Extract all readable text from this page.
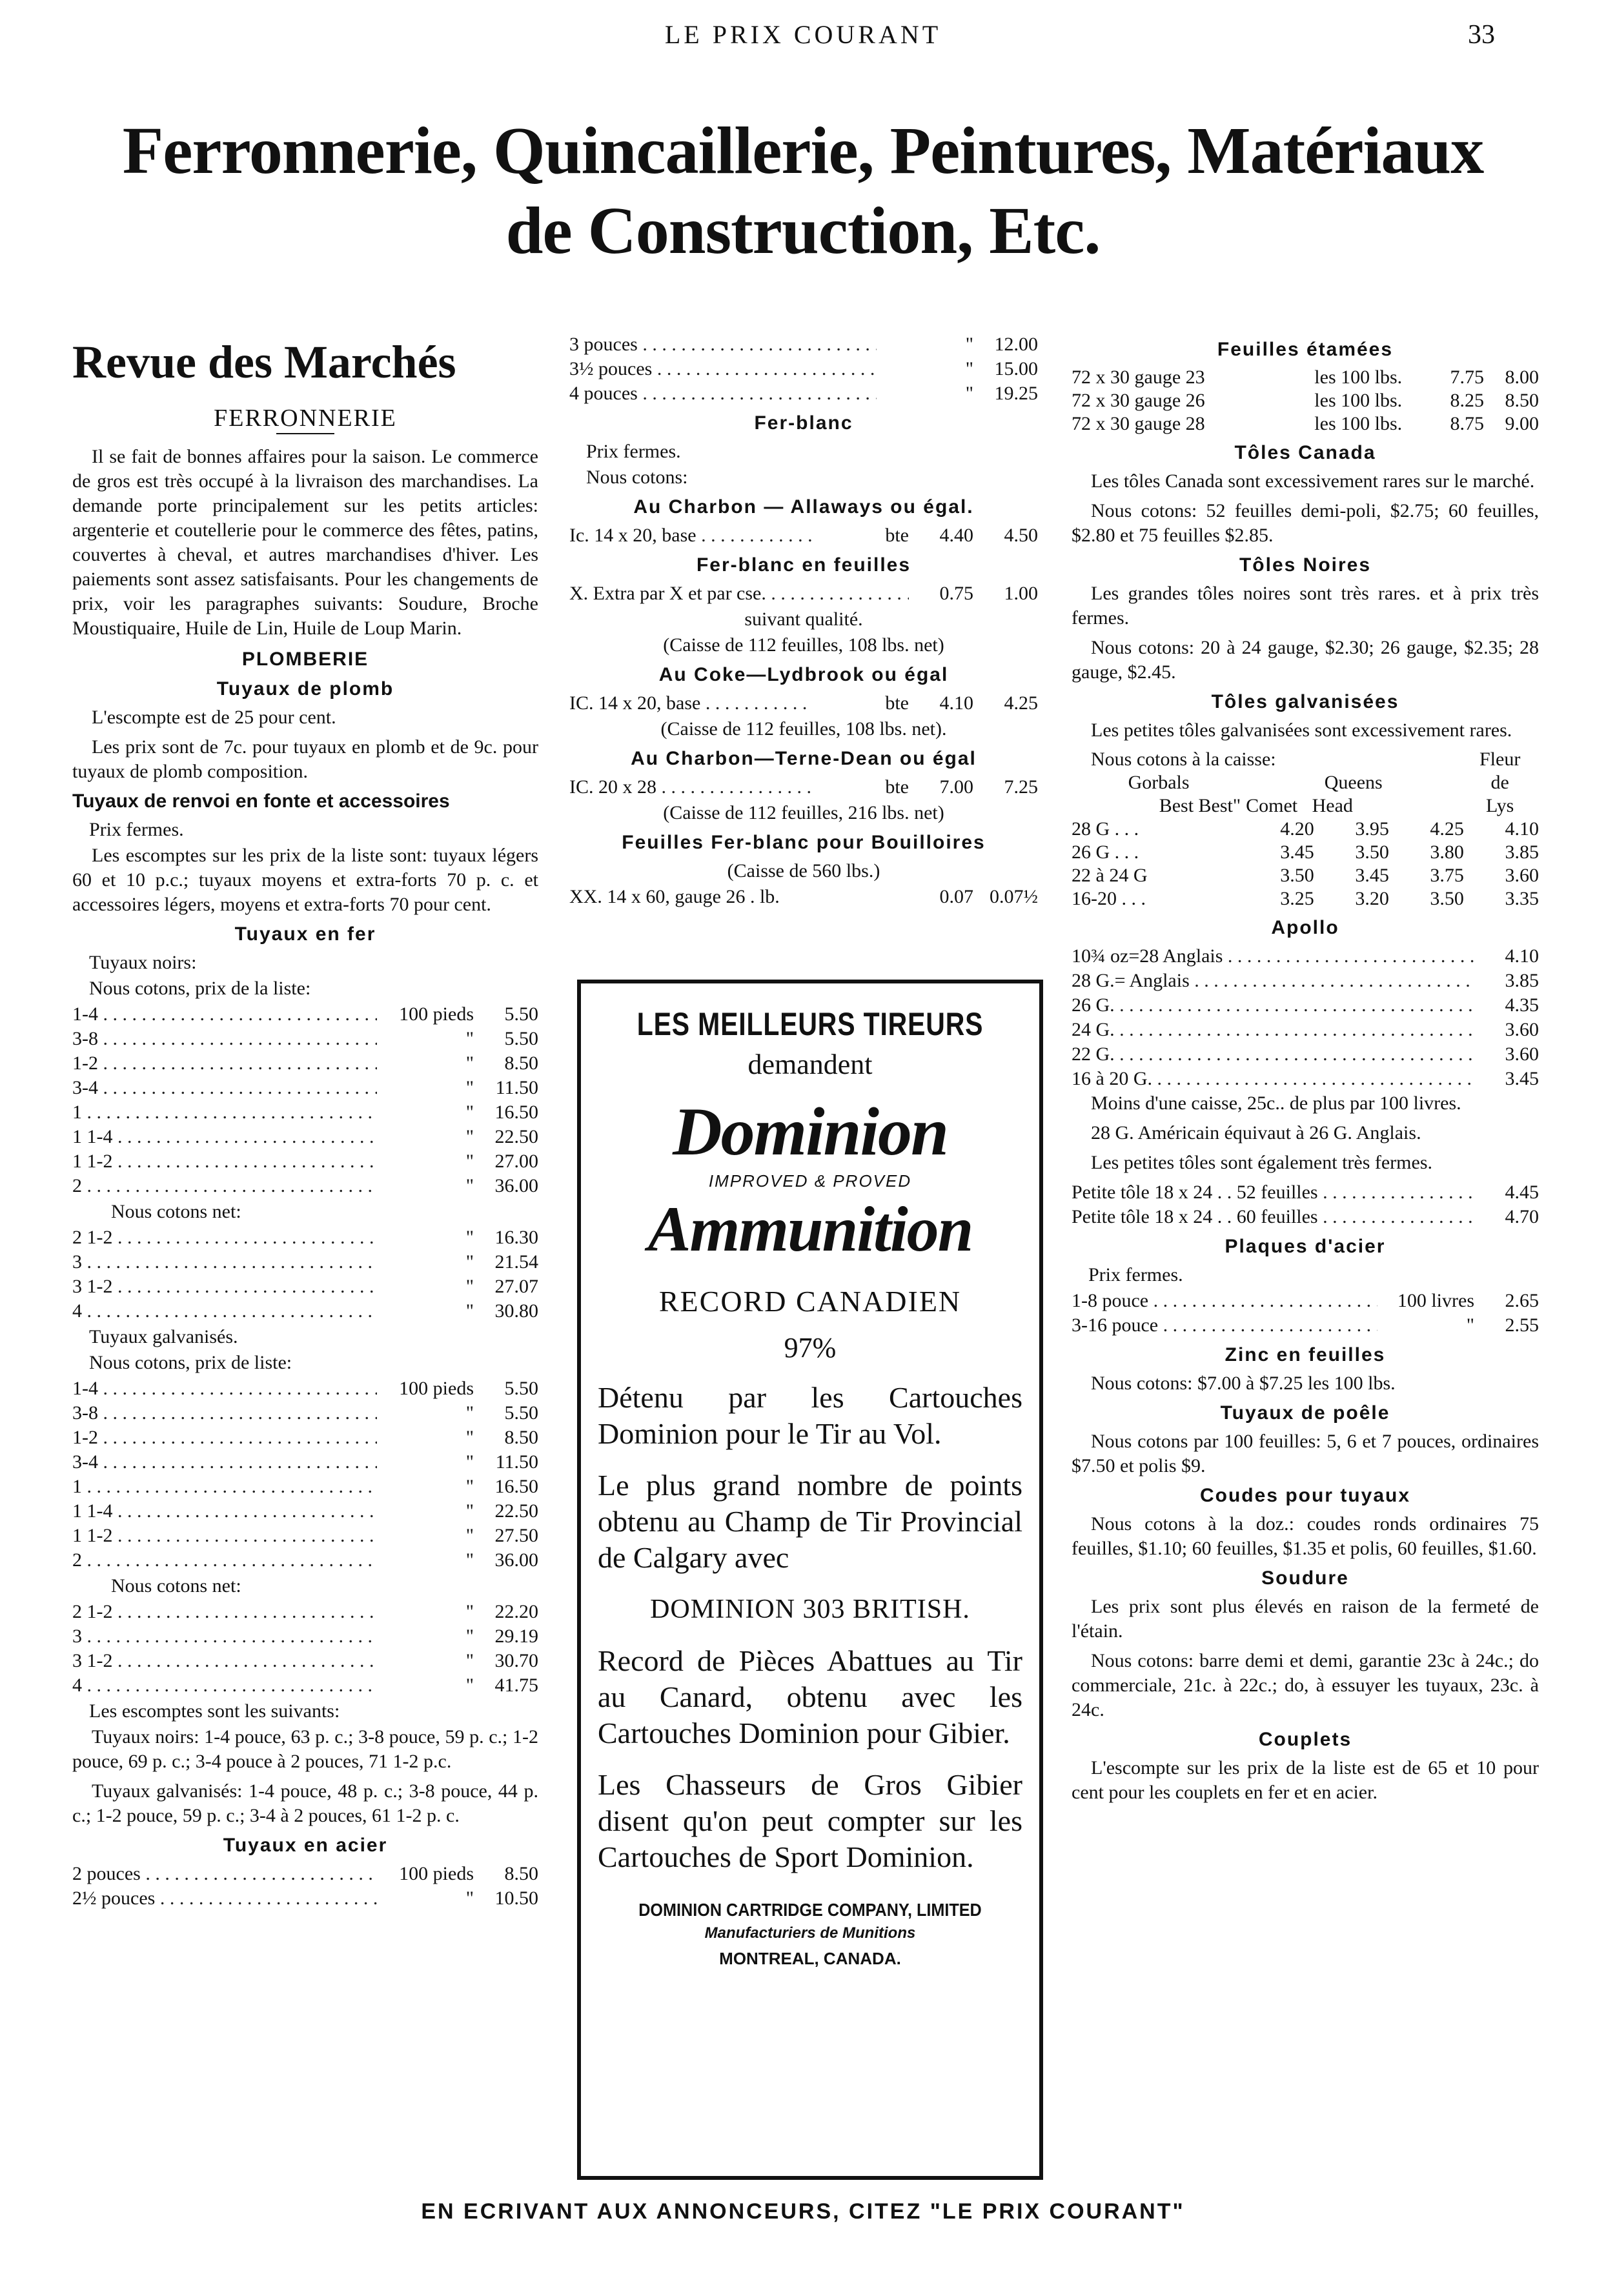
LE PRIX COURANT	33
Ferronnerie, Quincaillerie, Peintures, Matériaux
de Construction, Etc.
Revue des Marchés
FERRONNERIE

Il se fait de bonnes affaires pour la saison. Le commerce de gros est très occupé à la livraison des marchandises. La demande porte principalement sur les petits articles: argenterie et coutellerie pour le commerce des fêtes, patins, couvertes à cheval, et autres marchandises d'hiver. Les paiements sont assez satisfaisants. Pour les changements de prix, voir les paragraphes suivants: Soudure, Broche Moustiquaire, Huile de Lin, Huile de Loup Marin.

PLOMBERIE
Tuyaux de plomb

L'escompte est de 25 pour cent.

Les prix sont de 7c. pour tuyaux en plomb et de 9c. pour tuyaux de plomb composition.

Tuyaux de renvoi en fonte et accessoires
Prix fermes.

Les escomptes sur les prix de la liste sont: tuyaux légers 60 et 10 p.c.; tuyaux moyens et extra-forts 70 p. c. et accessoires légers, moyens et extra-forts 70 pour cent.

Tuyaux en fer
Tuyaux noirs:
Nous cotons, prix de la liste:
1-4 . . .	100 pieds	5.50
3-8 . . .	"	5.50
1-2 . . .	"	8.50
3-4 . . .	"	11.50
1 . . .	"	16.50
1 1-4 . . .	"	22.50
1 1-2 . . .	"	27.00
2 . . .	"	36.00
Nous cotons net:
2 1-2 . . .	"	16.30
3 . . .	"	21.54
3 1-2 . . .	"	27.07
4 . . .	"	30.80
Tuyaux galvanisés.
Nous cotons, prix de liste:
1-4 . . .	100 pieds	5.50
3-8 . . .	"	5.50
1-2 . . .	"	8.50
3-4 . . .	"	11.50
1 . . .	"	16.50
1 1-4 . . .	"	22.50
1 1-2 . . .	"	27.50
2 . . .	"	36.00
Nous cotons net:
2 1-2 . . .	"	22.20
3 . . .	"	29.19
3 1-2 . . .	"	30.70
4 . . .	"	41.75
Les escomptes sont les suivants:

Tuyaux noirs: 1-4 pouce, 63 p. c.; 3-8 pouce, 59 p. c.; 1-2 pouce, 69 p. c.; 3-4 pouce à 2 pouces, 71 1-2 p.c.

Tuyaux galvanisés: 1-4 pouce, 48 p. c.; 3-8 pouce, 44 p. c.; 1-2 pouce, 59 p. c.; 3-4 à 2 pouces, 61 1-2 p. c.

Tuyaux en acier
2 pouces . . .	100 pieds	8.50
2½ pouces . . .	"	10.50
3 pouces . . .	"	12.00
3½ pouces . . .	"	15.00
4 pouces . . .	"	19.25
Fer-blanc
Prix fermes.
Nous cotons:
Au Charbon — Allaways ou égal.
Ic. 14 x 20, base . . .	bte	4.40	4.50
Fer-blanc en feuilles
X. Extra par X et par cse. . . .	0.75	1.00
suivant qualité.
(Caisse de 112 feuilles, 108 lbs. net)
Au Coke—Lydbrook ou égal
IC. 14 x 20, base . . .	bte	4.10	4.25
(Caisse de 112 feuilles, 108 lbs. net).
Au Charbon—Terne-Dean ou égal
IC. 20 x 28 . . .	bte	7.00	7.25
(Caisse de 112 feuilles, 216 lbs. net)
Feuilles Fer-blanc pour Bouilloires
(Caisse de 560 lbs.)
XX. 14 x 60, gauge 26 . lb.	0.07 0.07½
LES MEILLEURS TIREURS
demandent
Dominion
IMPROVED & PROVED
Ammunition
RECORD CANADIEN
97%
Détenu par les Cartouches Dominion pour le Tir au Vol.
Le plus grand nombre de points obtenu au Champ de Tir Provincial de Calgary avec
DOMINION 303 BRITISH.
Record de Pièces Abattues au Tir au Canard, obtenu avec les Cartouches Dominion pour Gibier.
Les Chasseurs de Gros Gibier disent qu'on peut compter sur les Cartouches de Sport Dominion.
DOMINION CARTRIDGE COMPANY, LIMITED
Manufacturiers de Munitions
MONTREAL, CANADA.
Feuilles étamées
72 x 30 gauge 23	les 100 lbs.	7.75	8.00
72 x 30 gauge 26	les 100 lbs.	8.25	8.50
72 x 30 gauge 28	les 100 lbs.	8.75	9.00
Tôles Canada

Les tôles Canada sont excessivement rares sur le marché.

Nous cotons: 52 feuilles demi-poli, $2.75; 60 feuilles, $2.80 et 75 feuilles $2.85.

Tôles Noires

Les grandes tôles noires sont très rares. et à prix très fermes.

Nous cotons: 20 à 24 gauge, $2.30; 26 gauge, $2.35; 28 gauge, $2.45.

Tôles galvanisées

Les petites tôles galvanisées sont excessivement rares.

Nous cotons à la caisse:		Fleur
	Gorbals	Queens	de
Best Best"	Comet Head	Lys
28 G . . .	4.20	3.95	4.25	4.10
26 G . . .	3.45	3.50	3.80	3.85
22 à 24 G	3.50	3.45	3.75	3.60
16-20 . . .	3.25	3.20	3.50	3.35
Apollo
10¾ oz=28 Anglais . . .	4.10
28 G.= Anglais . . .	3.85
26 G. . . .	4.35
24 G. . . .	3.60
22 G. . . .	3.60
16 à 20 G. . . .	3.45

Moins d'une caisse, 25c.. de plus par 100 livres.

28 G. Américain équivaut à 26 G. Anglais.

Les petites tôles sont également très fermes.

Petite tôle 18 x 24 . . 52 feuilles . . .	4.45
Petite tôle 18 x 24 . . 60 feuilles . . .	4.70
Plaques d'acier
Prix fermes.
1-8 pouce . . .	100 livres	2.65
3-16 pouce . . .	"	2.55
Zinc en feuilles

Nous cotons: $7.00 à $7.25 les 100 lbs.

Tuyaux de poêle

Nous cotons par 100 feuilles: 5, 6 et 7 pouces, ordinaires $7.50 et polis $9.

Coudes pour tuyaux

Nous cotons à la doz.: coudes ronds ordinaires 75 feuilles, $1.10; 60 feuilles, $1.35 et polis, 60 feuilles, $1.60.

Soudure

Les prix sont plus élevés en raison de la fermeté de l'étain.

Nous cotons: barre demi et demi, garantie 23c à 24c.; do commerciale, 21c. à 22c.; do, à essuyer les tuyaux, 23c. à 24c.

Couplets

L'escompte sur les prix de la liste est de 65 et 10 pour cent pour les couplets en fer et en acier.

EN ECRIVANT AUX ANNONCEURS, CITEZ "LE PRIX COURANT"
